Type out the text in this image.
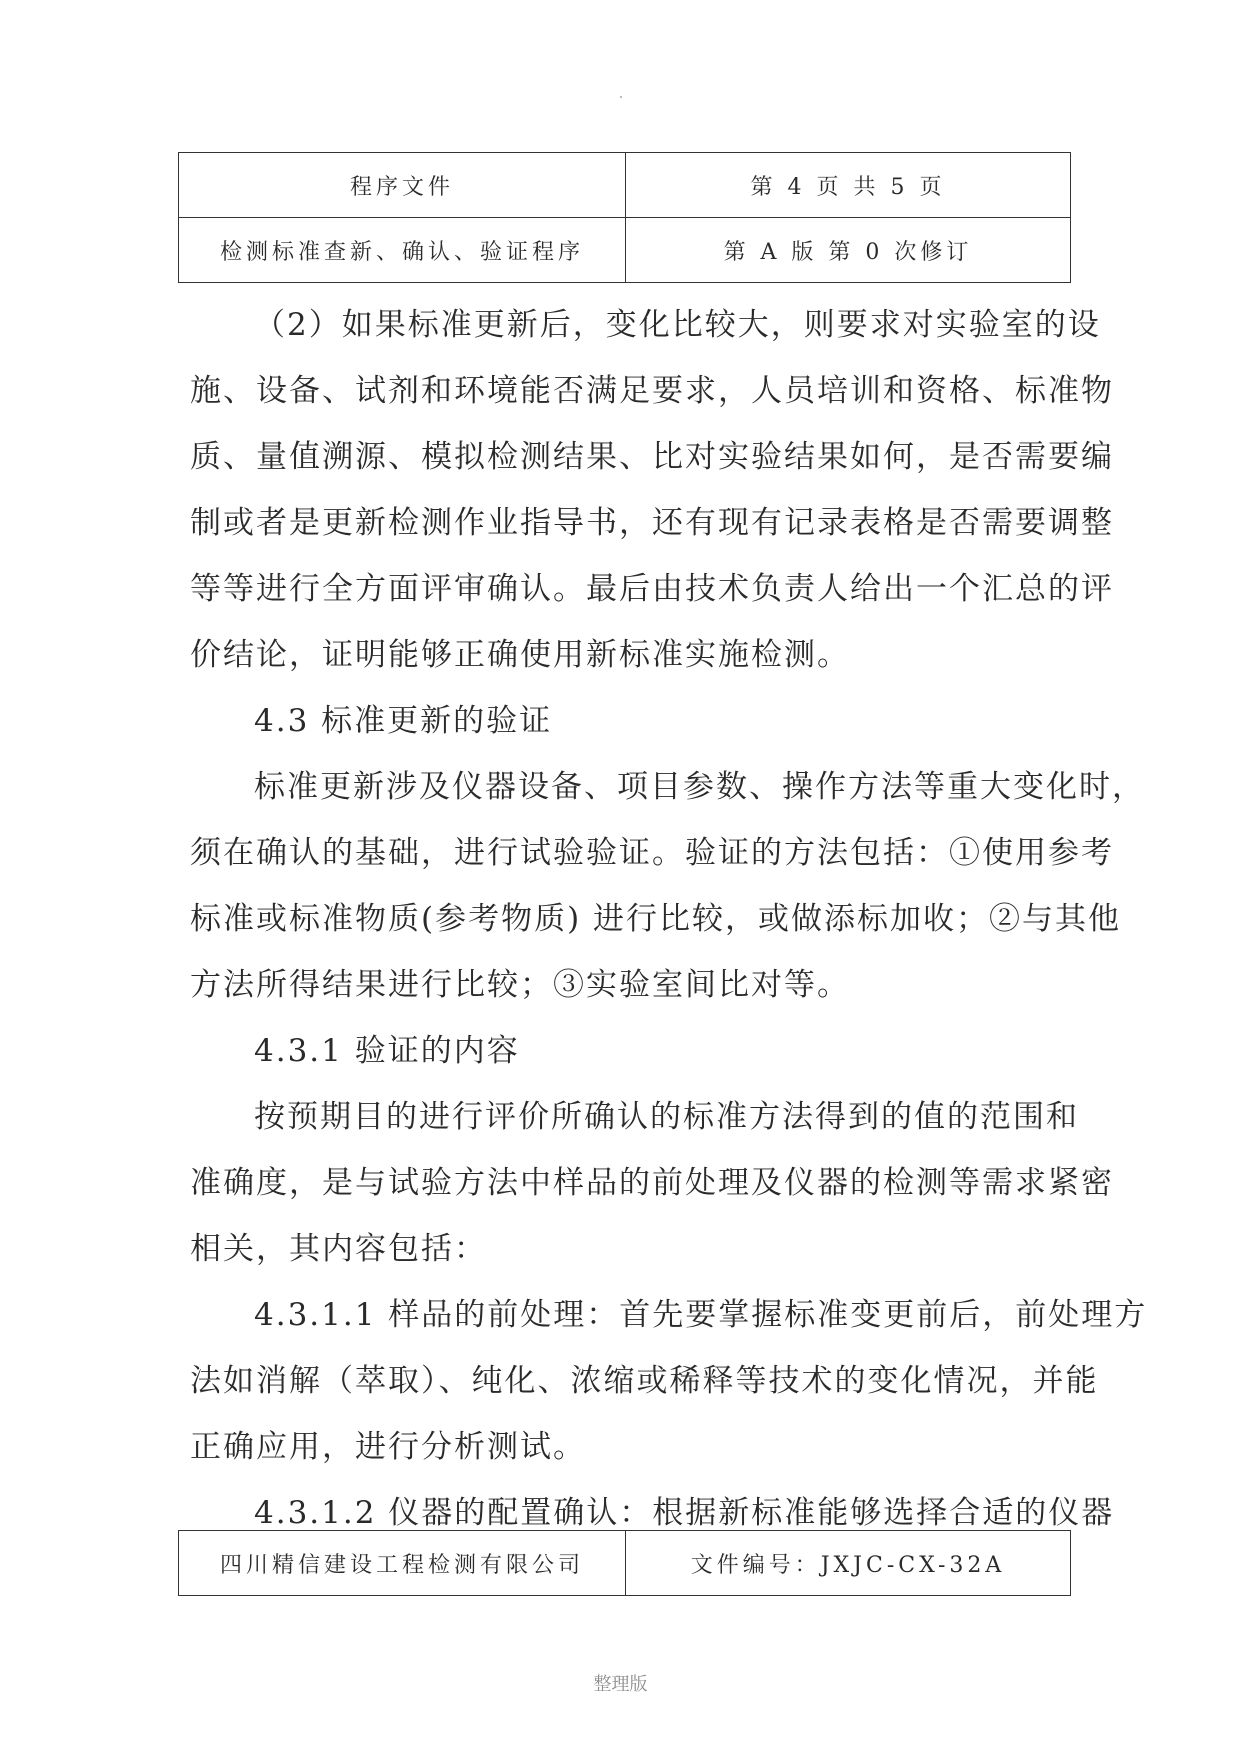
程序文件	第 4 页 共 5 页
检测标准查新、确认、验证程序	第 A 版 第 0 次修订

（2）如果标准更新后，变化比较大，则要求对实验室的设

施、设备、试剂和环境能否满足要求，人员培训和资格、标准物

质、量值溯源、模拟检测结果、比对实验结果如何，是否需要编

制或者是更新检测作业指导书，还有现有记录表格是否需要调整

等等进行全方面评审确认。最后由技术负责人给出一个汇总的评

价结论，证明能够正确使用新标准实施检测。

4.3 标准更新的验证

标准更新涉及仪器设备、项目参数、操作方法等重大变化时，

须在确认的基础，进行试验验证。验证的方法包括：①使用参考

标准或标准物质(参考物质) 进行比较，或做添标加收；②与其他

方法所得结果进行比较；③实验室间比对等。

4.3.1 验证的内容

按预期目的进行评价所确认的标准方法得到的值的范围和

准确度，是与试验方法中样品的前处理及仪器的检测等需求紧密

相关，其内容包括：

4.3.1.1 样品的前处理：首先要掌握标准变更前后，前处理方

法如消解（萃取）、纯化、浓缩或稀释等技术的变化情况，并能

正确应用，进行分析测试。

4.3.1.2 仪器的配置确认：根据新标准能够选择合适的仪器

四川精信建设工程检测有限公司	文件编号：JXJC-CX-32A
整理版
